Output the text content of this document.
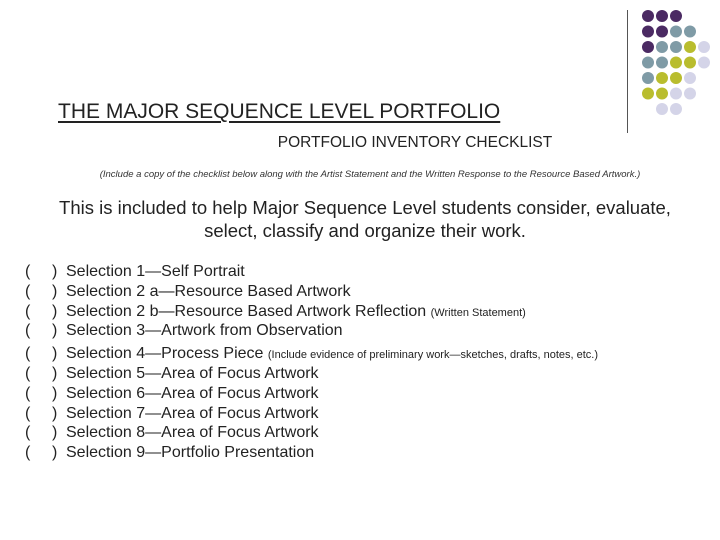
THE MAJOR SEQUENCE LEVEL PORTFOLIO
PORTFOLIO INVENTORY CHECKLIST
(Include a copy of the checklist below along with the Artist Statement and the Written Response to the Resource Based Artwork.)
This is included to help Major Sequence Level students consider, evaluate, select, classify and organize their work.
( ) Selection 1—Self Portrait
( ) Selection 2 a—Resource Based Artwork
( ) Selection 2 b—Resource Based Artwork Reflection (Written Statement)
( ) Selection 3—Artwork from Observation
( ) Selection 4—Process Piece (Include evidence of preliminary work—sketches, drafts, notes, etc.)
( ) Selection 5—Area of Focus Artwork
( ) Selection 6—Area of Focus Artwork
( ) Selection 7—Area of Focus Artwork
( ) Selection 8—Area of Focus Artwork
( ) Selection 9—Portfolio Presentation
